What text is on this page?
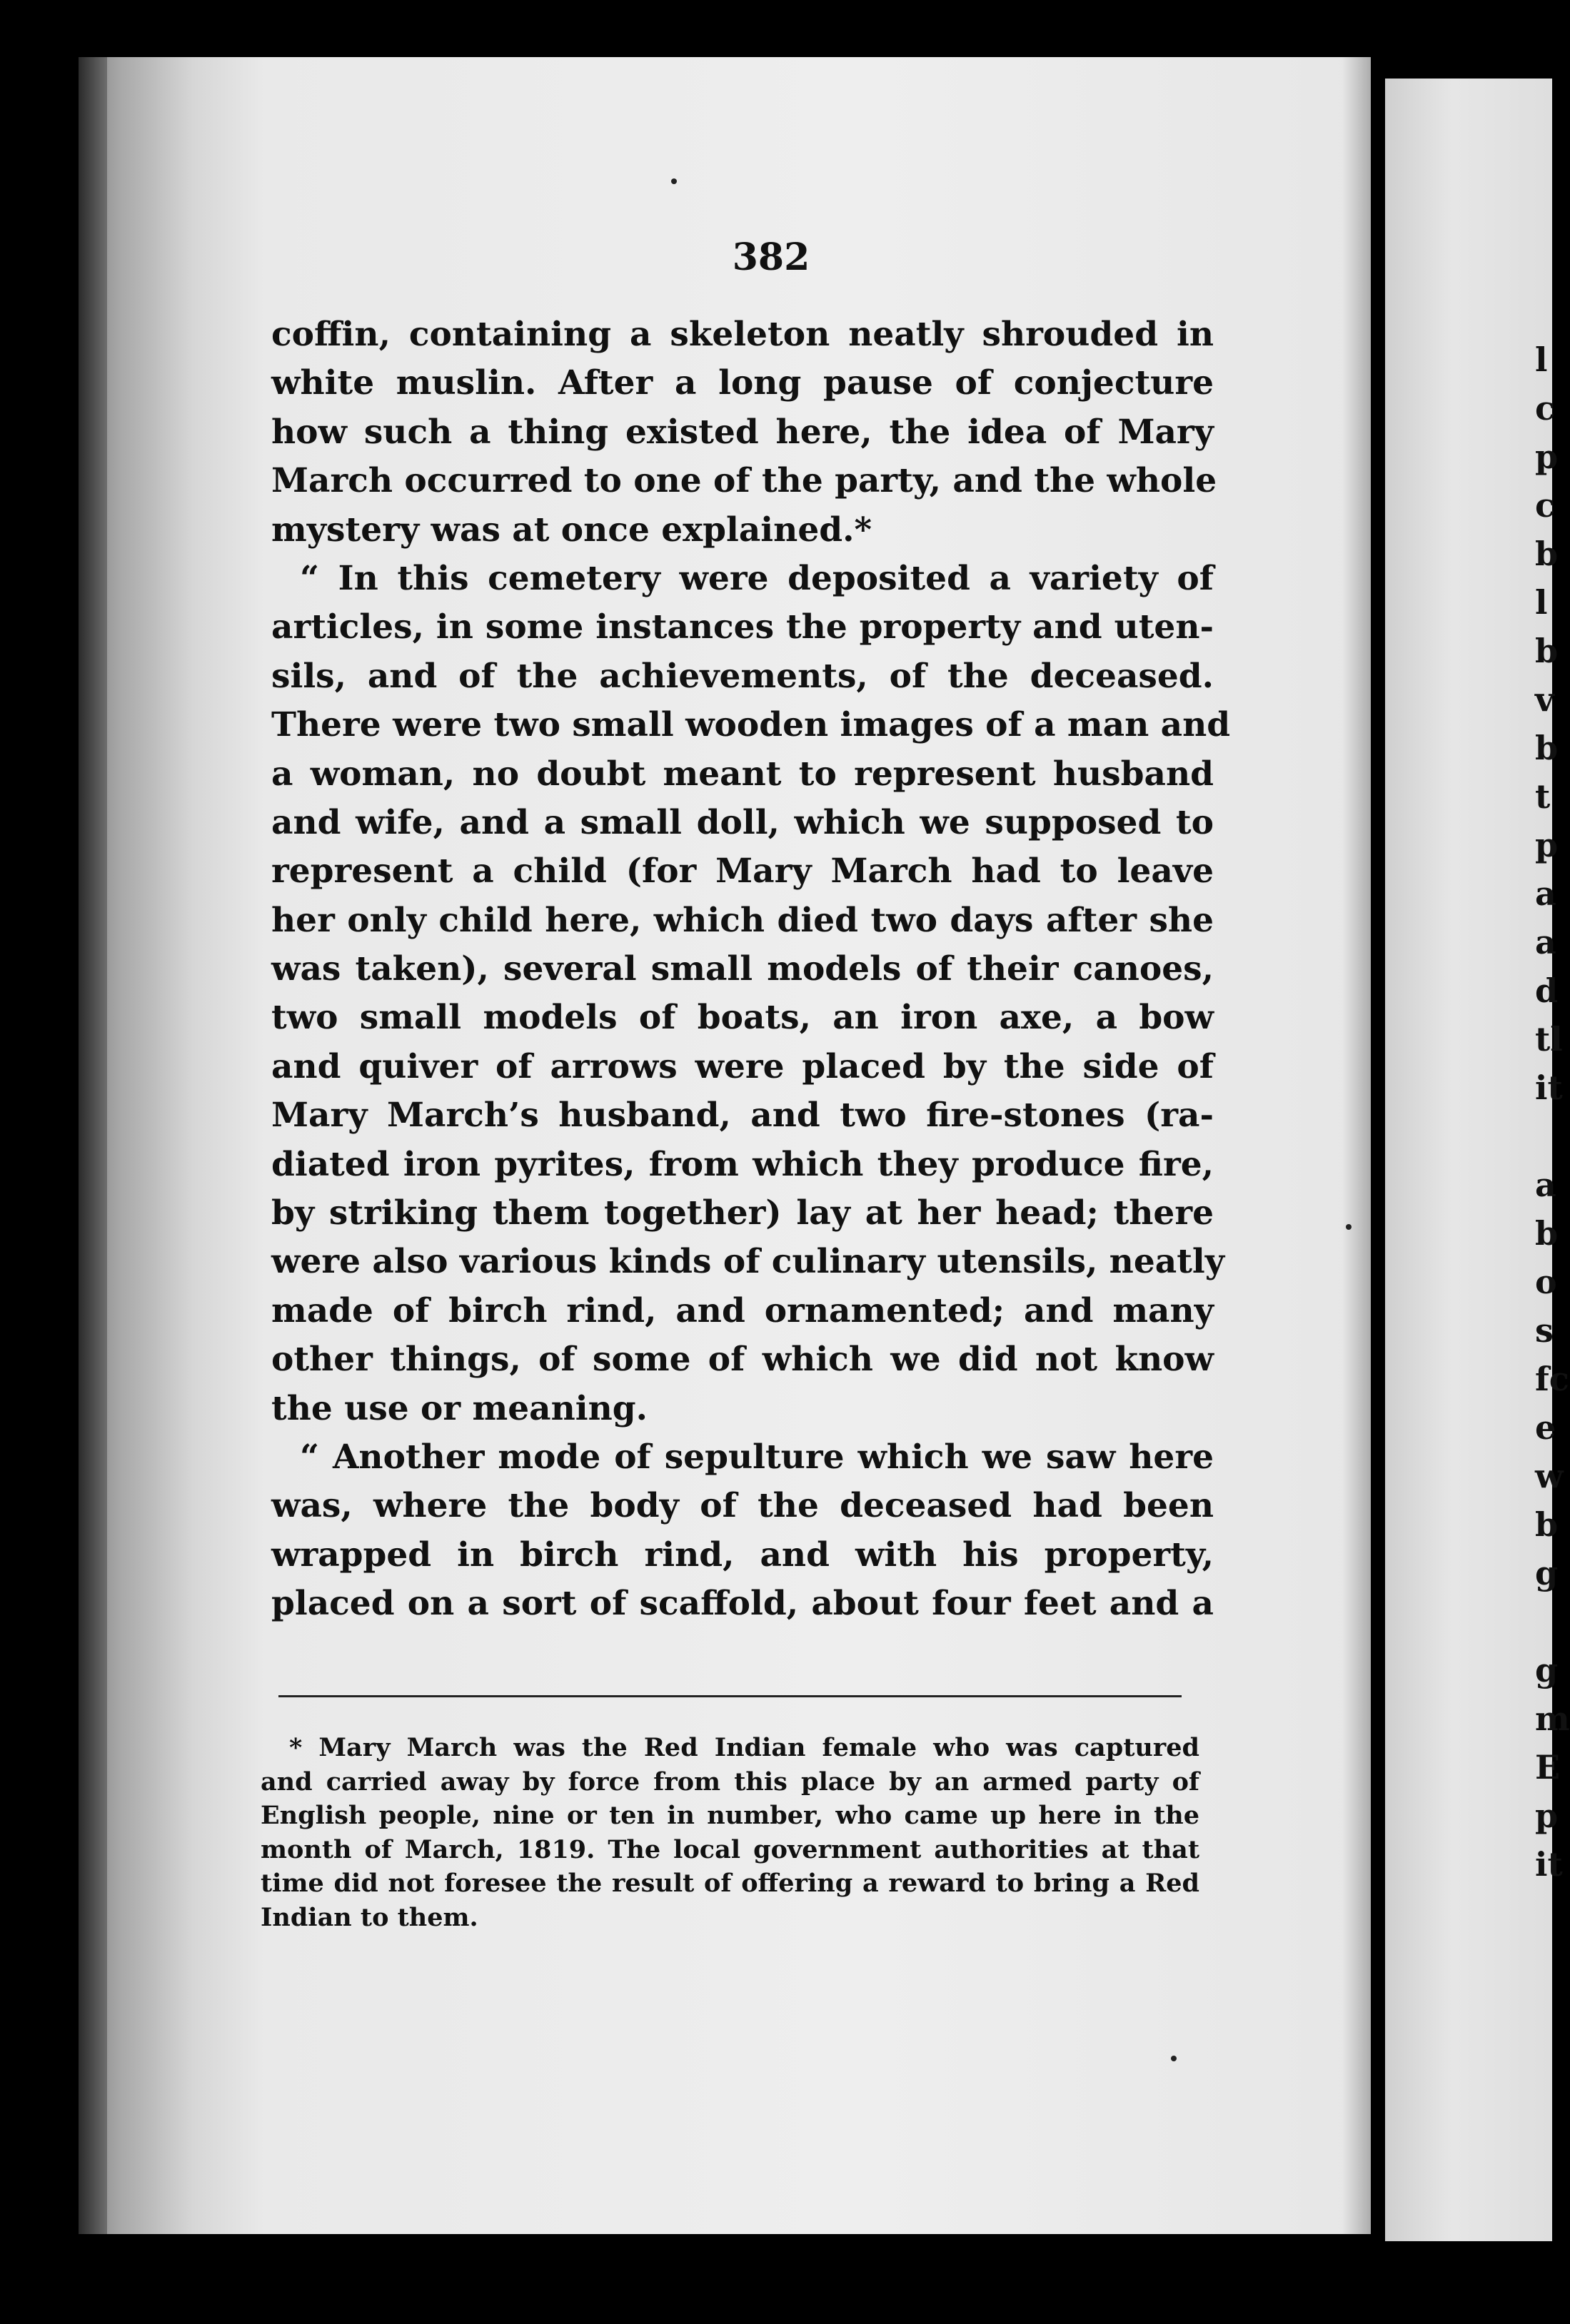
382
coffin, containing a skeleton neatly shrouded in
white muslin. After a long pause of conjecture
how such a thing existed here, the idea of Mary
March occurred to one of the party, and the whole
mystery was at once explained.*
“ In this cemetery were deposited a variety of
articles, in some instances the property and uten-
sils, and of the achievements, of the deceased.
There were two small wooden images of a man and
a woman, no doubt meant to represent husband
and wife, and a small doll, which we supposed to
represent a child (for Mary March had to leave
her only child here, which died two days after she
was taken), several small models of their canoes,
two small models of boats, an iron axe, a bow
and quiver of arrows were placed by the side of
Mary March’s husband, and two fire-stones (ra-
diated iron pyrites, from which they produce fire,
by striking them together) lay at her head; there
were also various kinds of culinary utensils, neatly
made of birch rind, and ornamented; and many
other things, of some of which we did not know
the use or meaning.
“ Another mode of sepulture which we saw here
was, where the body of the deceased had been
wrapped in birch rind, and with his property,
placed on a sort of scaffold, about four feet and a
* Mary March was the Red Indian female who was captured
and carried away by force from this place by an armed party of
English people, nine or ten in number, who came up here in the
month of March, 1819. The local government authorities at that
time did not foresee the result of offering a reward to bring a Red
Indian to them.
l
c
p
c
b
l
b
v
b
t
p
a
a
d
tl
it
a
b
o
s
fc
e
w
b
g
g
m
E
p
it
